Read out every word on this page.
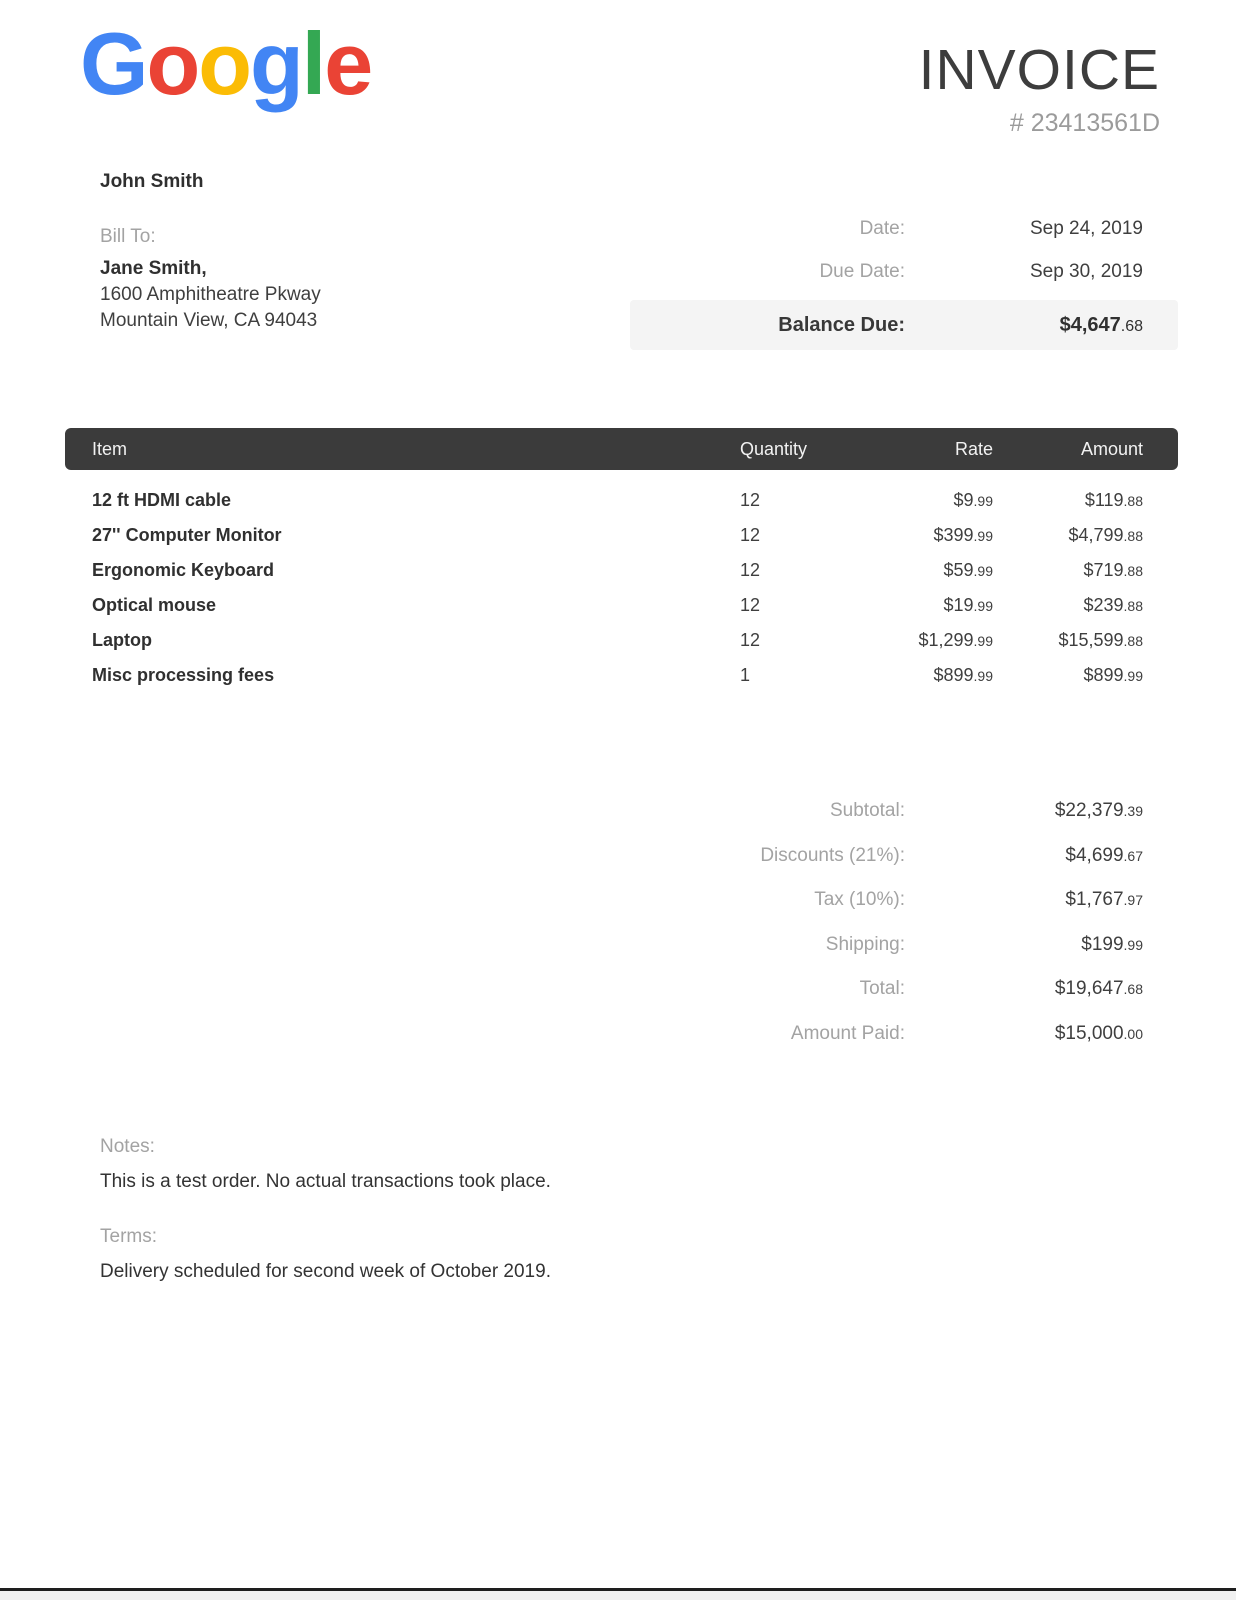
Google	INVOICE
# 23413561D
John Smith
Bill To:
Jane Smith,
1600 Amphitheatre Pkway
Mountain View, CA 94043
Date:	Sep 24, 2019
Due Date:	Sep 30, 2019
Balance Due:	$4,647.68
Item	Quantity	Rate	Amount
12 ft HDMI cable	12	$9.99	$119.88
27'' Computer Monitor	12	$399.99	$4,799.88
Ergonomic Keyboard	12	$59.99	$719.88
Optical mouse	12	$19.99	$239.88
Laptop	12	$1,299.99	$15,599.88
Misc processing fees	1	$899.99	$899.99
Subtotal:	$22,379.39
Discounts (21%):	$4,699.67
Tax (10%):	$1,767.97
Shipping:	$199.99
Total:	$19,647.68
Amount Paid:	$15,000.00
Notes:
This is a test order. No actual transactions took place.
Terms:
Delivery scheduled for second week of October 2019.
